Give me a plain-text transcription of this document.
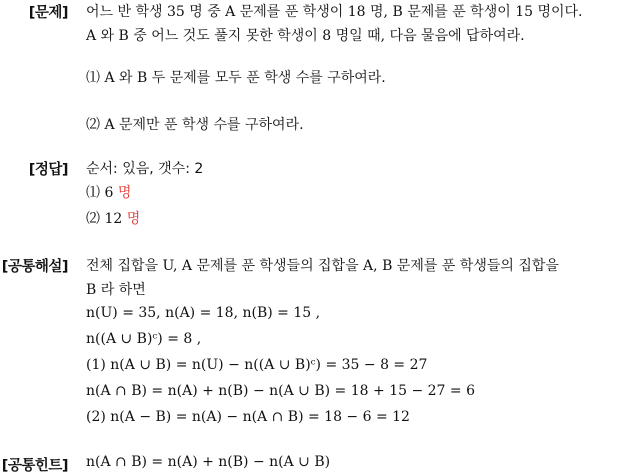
[문제] 어느 반 학생 35 명 중 A 문제를 푼 학생이 18 명, B 문제를 푼 학생이 15 명이다.
A 와 B 중 어느 것도 풀지 못한 학생이 8 명일 때, 다음 물음에 답하여라.
⑴ A 와 B 두 문제를 모두 푼 학생 수를 구하여라.
⑵ A 문제만 푼 학생 수를 구하여라.
[정답] 순서: 있음, 갯수: 2
⑴ 6 명
⑵ 12 명
[공통해설] 전체 집합을 U, A 문제를 푼 학생들의 집합을 A, B 문제를 푼 학생들의 집합을
B 라 하면
n(U) = 35, n(A) = 18, n(B) = 15 ,
n((A ∪ B)ᶜ) = 8 ,
(1) n(A ∪ B) = n(U) − n((A ∪ B)ᶜ) = 35 − 8 = 27
n(A ∩ B) = n(A) + n(B) − n(A ∪ B) = 18 + 15 − 27 = 6
(2) n(A − B) = n(A) − n(A ∩ B) = 18 − 6 = 12
[공통힌트] n(A ∩ B) = n(A) + n(B) − n(A ∪ B)
